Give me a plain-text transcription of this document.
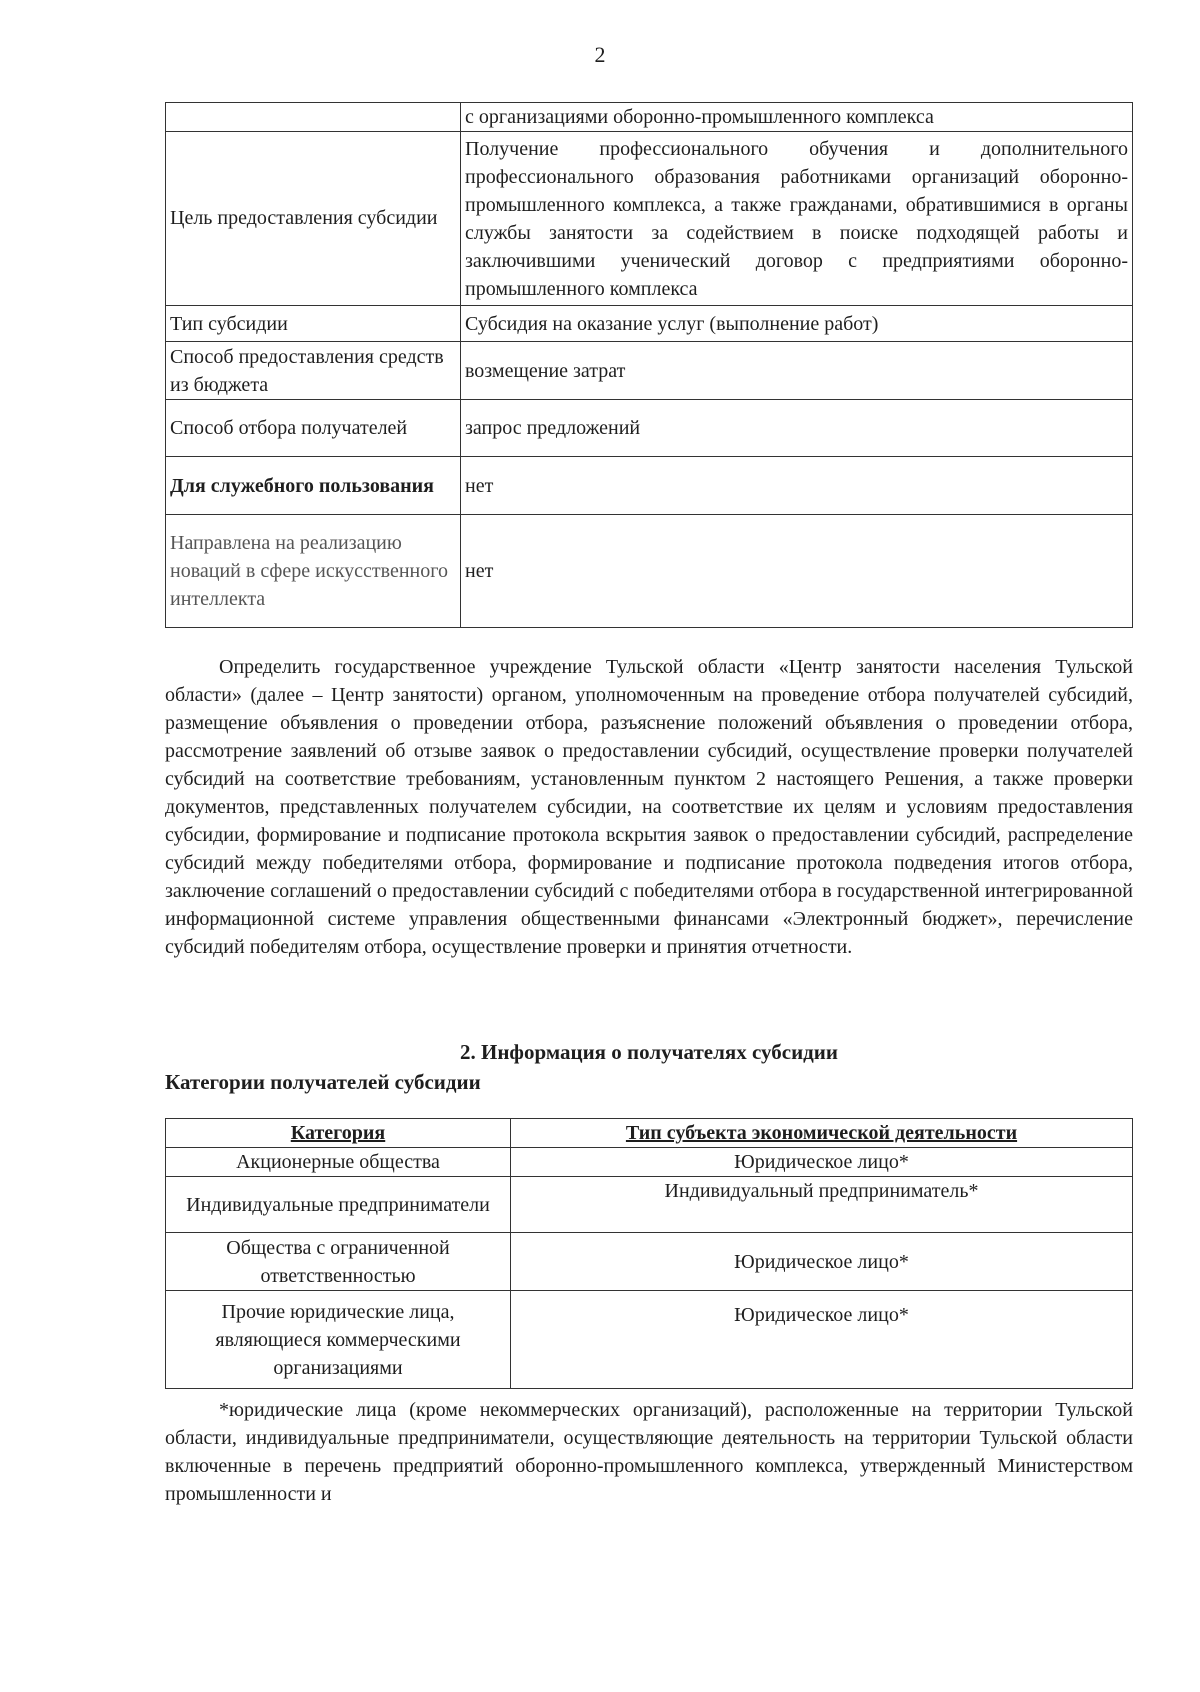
2
	с организациями оборонно-промышленного комплекса
Цель предоставления субсидии	Получение профессионального обучения и дополнительного профессионального образования работниками организаций оборонно-промышленного комплекса, а также гражданами, обратившимися в органы службы занятости за содействием в поиске подходящей работы и заключившими ученический договор с предприятиями оборонно-промышленного комплекса
Тип субсидии	Субсидия на оказание услуг (выполнение работ)
Способ предоставления средств из бюджета	возмещение затрат
Способ отбора получателей	запрос предложений
Для служебного пользования	нет
Направлена на реализацию новаций в сфере искусственного интеллекта	нет

Определить государственное учреждение Тульской области «Центр занятости населения Тульской области» (далее – Центр занятости) органом, уполномоченным на проведение отбора получателей субсидий, размещение объявления о проведении отбора, разъяснение положений объявления о проведении отбора, рассмотрение заявлений об отзыве заявок о предоставлении субсидий, осуществление проверки получателей субсидий на соответствие требованиям, установленным пунктом 2 настоящего Решения, а также проверки документов, представленных получателем субсидии, на соответствие их целям и условиям предоставления субсидии, формирование и подписание протокола вскрытия заявок о предоставлении субсидий, распределение субсидий между победителями отбора, формирование и подписание протокола подведения итогов отбора, заключение соглашений о предоставлении субсидий с победителями отбора в государственной интегрированной информационной системе управления общественными финансами «Электронный бюджет», перечисление субсидий победителям отбора, осуществление проверки и принятия отчетности.

2. Информация о получателях субсидии
Категории получателей субсидии
Категория	Тип субъекта экономической деятельности
Акционерные общества	Юридическое лицо*
Индивидуальные предприниматели	Индивидуальный предприниматель*
Общества с ограниченной ответственностью	Юридическое лицо*
Прочие юридические лица, являющиеся коммерческими организациями	Юридическое лицо*

*юридические лица (кроме некоммерческих организаций), расположенные на территории Тульской области, индивидуальные предприниматели, осуществляющие деятельность на территории Тульской области включенные в перечень предприятий оборонно-промышленного комплекса, утвержденный Министерством промышленности и
